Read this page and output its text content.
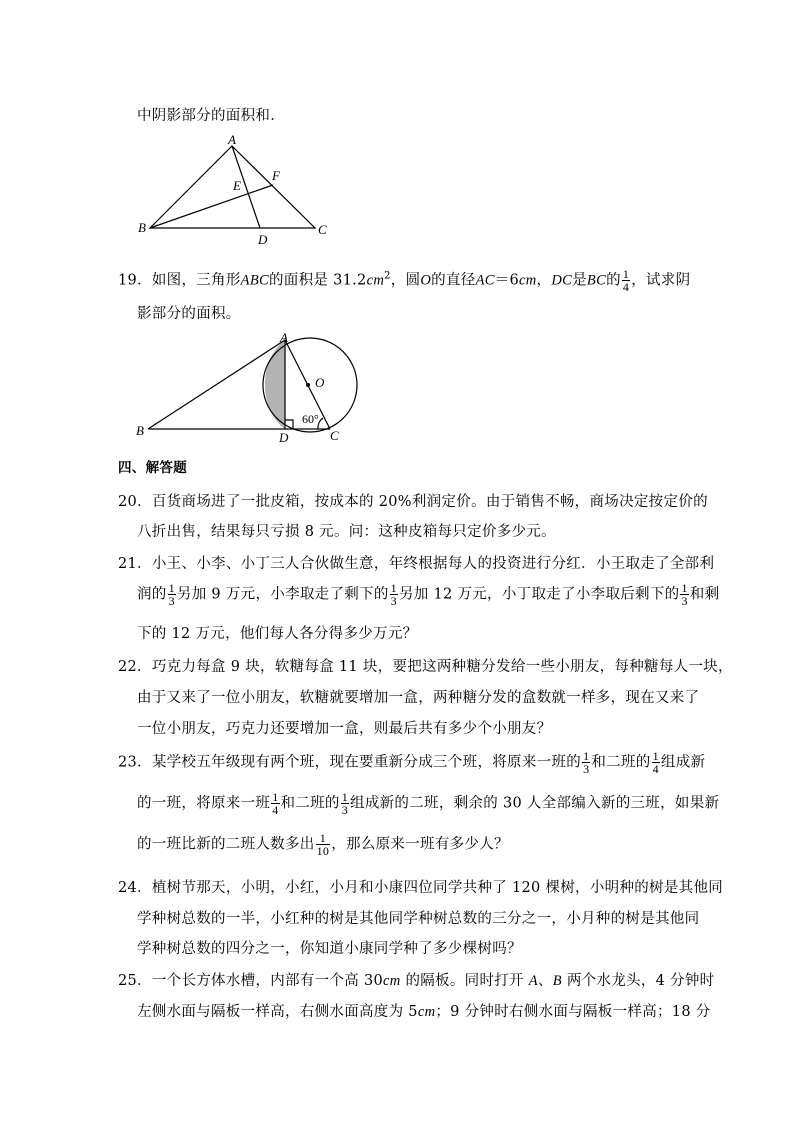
中阴影部分的面积和．
A
B	C
D
E
F
19．如图，三角形ABC的面积是 $31.2cm^2$，圆O的直径AC＝6cm，DC是BC的 $\frac{1}{4}$ ，试求阴
影部分的面积。
A
B	C
D
O
60°
四、解答题
20．百货商场进了一批皮箱，按成本的 20%利润定价。由于销售不畅，商场决定按定价的
八折出售，结果每只亏损 8 元。问：这种皮箱每只定价多少元。
21．小王、小李、小丁三人合伙做生意，年终根据每人的投资进行分红．小王取走了全部利
润的 $\frac{1}{3}$ 另加 9 万元，小李取走了剩下的 $\frac{1}{3}$ 另加 12 万元，小丁取走了小李取后剩下的 $\frac{1}{3}$ 和剩
下的 12 万元，他们每人各分得多少万元？
22．巧克力每盒 9 块，软糖每盒 11 块，要把这两种糖分发给一些小朋友，每种糖每人一块，
由于又来了一位小朋友，软糖就要增加一盒，两种糖分发的盒数就一样多，现在又来了
一位小朋友，巧克力还要增加一盒，则最后共有多少个小朋友？
23．某学校五年级现有两个班，现在要重新分成三个班，将原来一班的 $\frac{1}{3}$ 和二班的 $\frac{1}{4}$ 组成新
的一班，将原来一班 $\frac{1}{4}$ 和二班的 $\frac{1}{3}$ 组成新的二班，剩余的 30 人全部编入新的三班，如果新
的一班比新的二班人数多出 $\frac{1}{10}$ ，那么原来一班有多少人？
24．植树节那天，小明，小红，小月和小康四位同学共种了 120 棵树，小明种的树是其他同
学种树总数的一半，小红种的树是其他同学种树总数的三分之一，小月种的树是其他同
学种树总数的四分之一，你知道小康同学种了多少棵树吗？
25．一个长方体水槽，内部有一个高 30cm 的隔板。同时打开 A、B 两个水龙头，4 分钟时
左侧水面与隔板一样高，右侧水面高度为 5cm；9 分钟时右侧水面与隔板一样高；18 分
